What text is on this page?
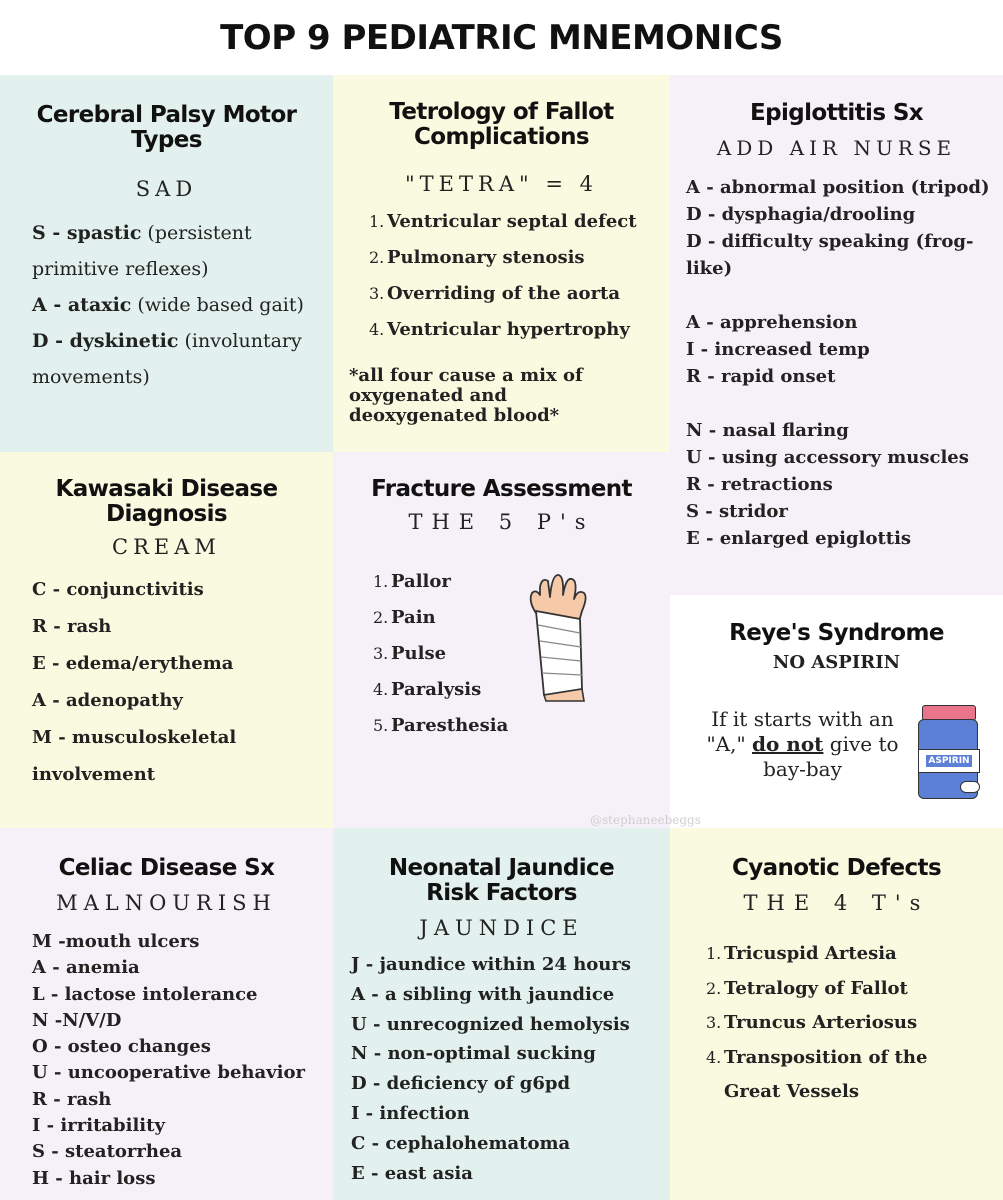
TOP 9 PEDIATRIC MNEMONICS
Cerebral Palsy Motor Types
SAD
S - spastic (persistent
primitive reflexes)
A - ataxic (wide based gait)
D - dyskinetic (involuntary
movements)
Tetrology of Fallot Complications
"TETRA" = 4
1. Ventricular septal defect
2. Pulmonary stenosis
3. Overriding of the aorta
4. Ventricular hypertrophy
*all four cause a mix of oxygenated and deoxygenated blood*
Epiglottitis Sx
ADD AIR NURSE
A - abnormal position (tripod)
D - dysphagia/drooling
D - difficulty speaking (frog-
like)
A - apprehension
I - increased temp
R - rapid onset
N - nasal flaring
U - using accessory muscles
R - retractions
S - stridor
E - enlarged epiglottis
Kawasaki Disease Diagnosis
CREAM
C - conjunctivitis
R - rash
E - edema/erythema
A - adenopathy
M - musculoskeletal
involvement
Fracture Assessment
THE 5 P's
1. Pallor
2. Pain
3. Pulse
4. Paralysis
5. Paresthesia
Reye's Syndrome
NO ASPIRIN
If it starts with an "A," do not give to bay-bay	ASPIRIN
@stephaneebeggs
Celiac Disease Sx
MALNOURISH
M -mouth ulcers
A - anemia
L - lactose intolerance
N -N/V/D
O - osteo changes
U - uncooperative behavior
R - rash
I - irritability
S - steatorrhea
H - hair loss
Neonatal Jaundice Risk Factors
JAUNDICE
J - jaundice within 24 hours
A - a sibling with jaundice
U - unrecognized hemolysis
N - non-optimal sucking
D - deficiency of g6pd
I - infection
C - cephalohematoma
E - east asia
Cyanotic Defects
THE 4 T's
1. Tricuspid Artesia
2. Tetralogy of Fallot
3. Truncus Arteriosus
4. Transposition of the
Great Vessels
